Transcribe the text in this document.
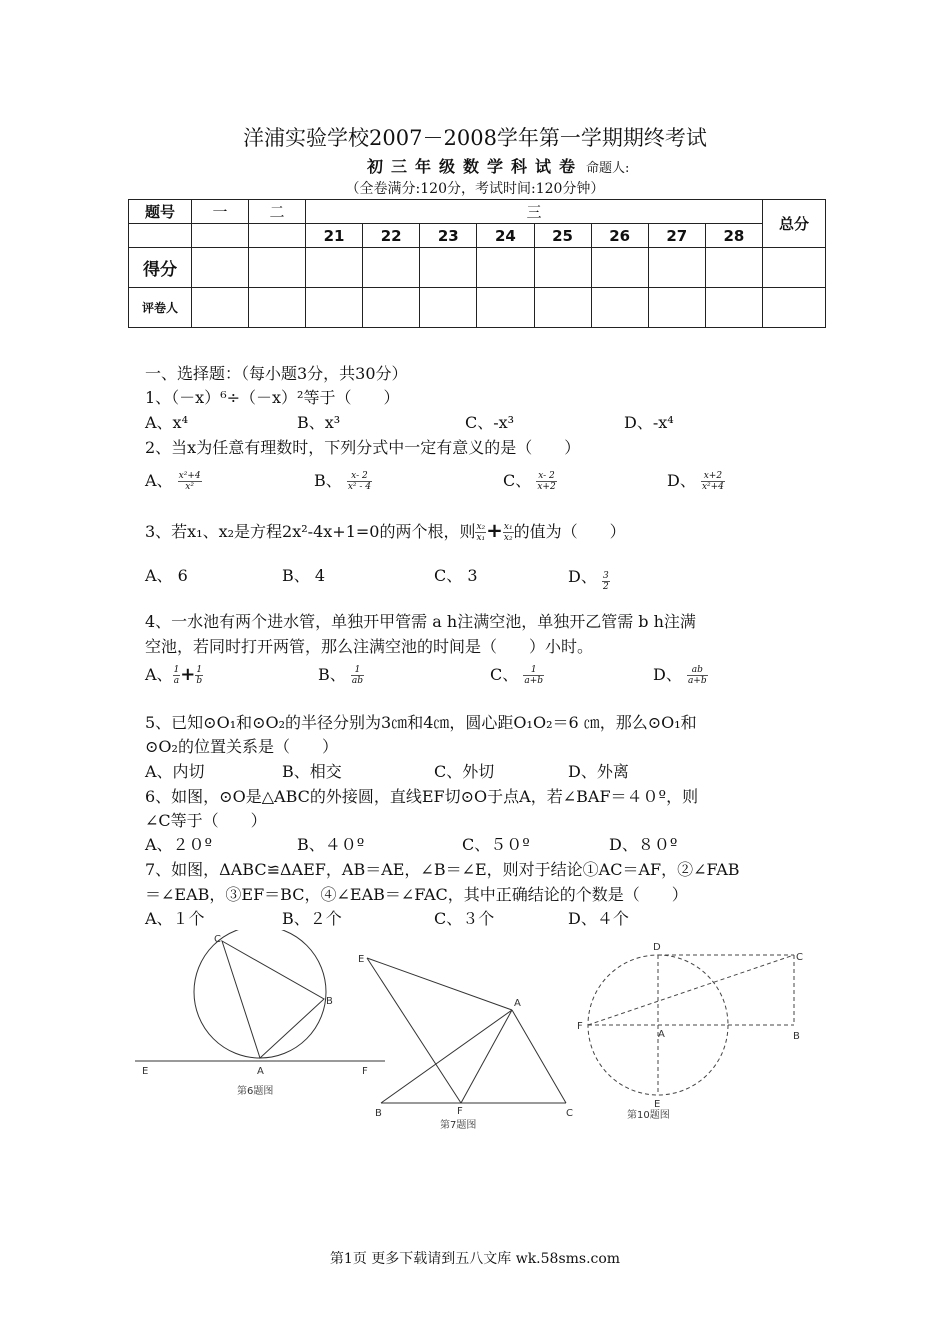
洋浦实验学校2007－2008学年第一学期期终考试
初三年级数学科试卷 命题人:
（全卷满分:120分，考试时间:120分钟）
题号	一	二	三								总分
			21	22	23	24	25	26	27	28	
得分											
评卷人											
一、选择题：（每小题3分，共30分）
1、（－x）⁶÷（－x）²等于（　　）
A、x⁴	B、x³	C、-x³	D、-x⁴
2、当x为任意有理数时，下列分式中一定有意义的是（　　）
A、 $\frac{\text{x²+4}}{\text{x²}}$	B、 $\frac{x- 2}{\text{x² - 4}}$	C、 $\frac{x- 2}{x+2}$	D、 $\frac{x+2}{\text{x²+4}}$
3、若x₁、x₂是方程2x²-4x+1=0的两个根，则 $\frac{\text{x₂}}{\text{x₁}} + \frac{\text{x₁}}{\text{x₂}}$ 的值为（　　）
A、 6	B、 4	C、 3	D、 $\frac{3}{2}$
4、一水池有两个进水管，单独开甲管需 a h注满空池，单独开乙管需 b h注满
空池，若同时打开两管，那么注满空池的时间是（　　）小时。
A、 $\frac{1}{a} + \frac{1}{b}$	B、 $\frac{1}{ab}$	C、 $\frac{1}{a+b}$	D、 $\frac{ab}{a+b}$
5、已知⊙O₁和⊙O₂的半径分别为3㎝和4㎝，圆心距O₁O₂＝6 ㎝，那么⊙O₁和
⊙O₂的位置关系是（　　）
A、内切	B、相交	C、外切	D、外离
6、如图，⊙O是△ABC的外接圆，直线EF切⊙O于点A，若∠BAF＝４０º，则
∠C等于（　　）
A、２０º	B、４０º	C、５０º	D、８０º
7、如图，ΔABC≌ΔAEF，AB＝AE，∠B＝∠E，则对于结论①AC＝AF，②∠FAB
＝∠EAB，③EF＝BC，④∠EAB＝∠FAC，其中正确结论的个数是（　　）
A、１个	B、２个	C、３个	D、４个
C
B
A
E	F
第6题图
E
A
B	F	C
第7题图
D
C
F
A	B
E
第10题图
第1页 更多下载请到五八文库 wk.58sms.com
